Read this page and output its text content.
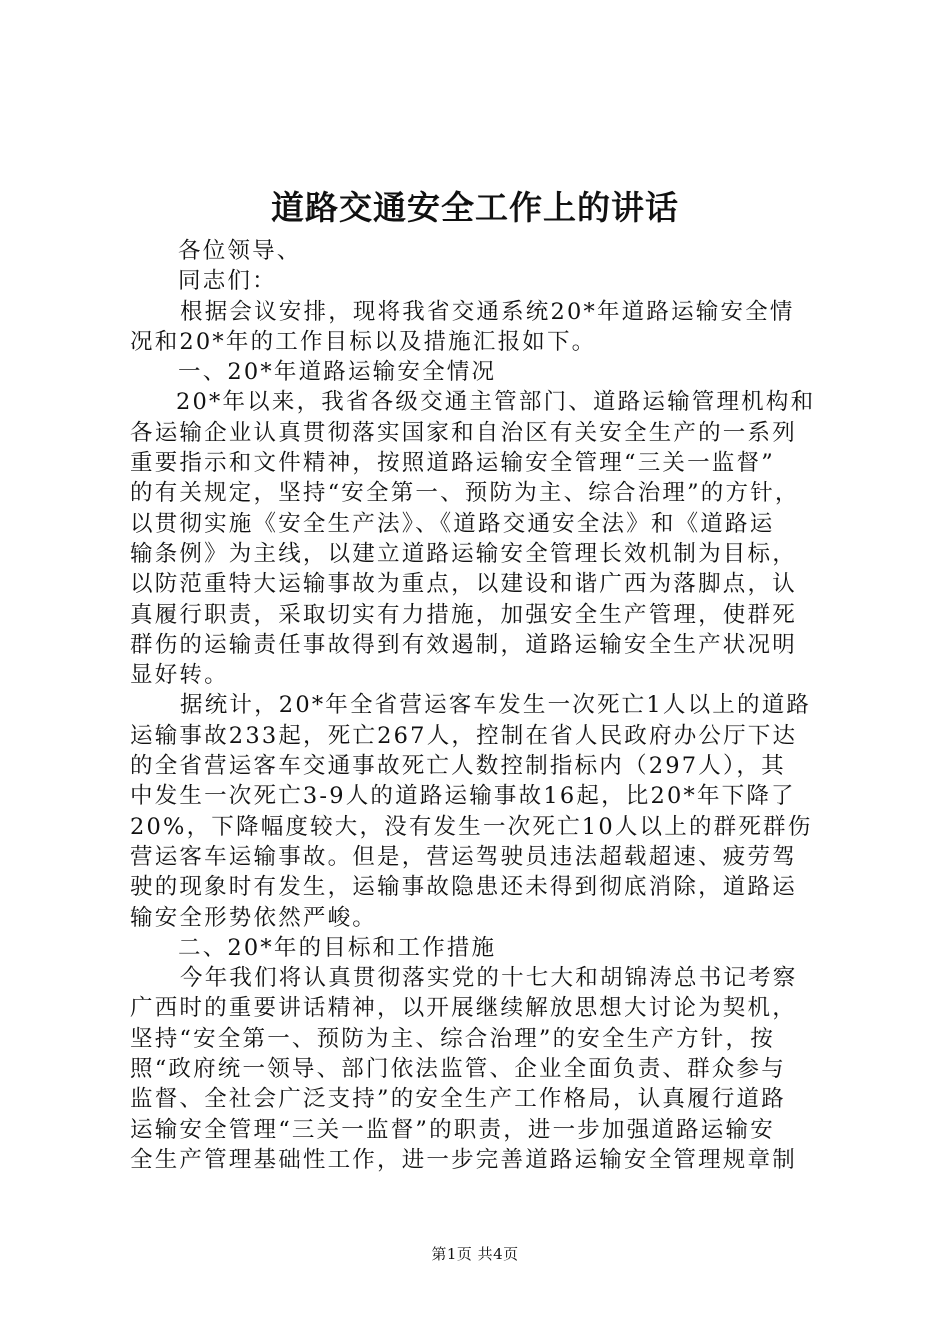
道路交通安全工作上的讲话
各位领导、
同志们：
根据会议安排，现将我省交通系统20*年道路运输安全情
况和20*年的工作目标以及措施汇报如下。
一、20*年道路运输安全情况
20*年以来，我省各级交通主管部门、道路运输管理机构和
各运输企业认真贯彻落实国家和自治区有关安全生产的一系列
重要指示和文件精神，按照道路运输安全管理“三关一监督”
的有关规定，坚持“安全第一、预防为主、综合治理”的方针，
以贯彻实施《安全生产法》、《道路交通安全法》和《道路运
输条例》为主线，以建立道路运输安全管理长效机制为目标，
以防范重特大运输事故为重点，以建设和谐广西为落脚点，认
真履行职责，采取切实有力措施，加强安全生产管理，使群死
群伤的运输责任事故得到有效遏制，道路运输安全生产状况明
显好转。
据统计，20*年全省营运客车发生一次死亡1人以上的道路
运输事故233起，死亡267人，控制在省人民政府办公厅下达
的全省营运客车交通事故死亡人数控制指标内（297人），其
中发生一次死亡3-9人的道路运输事故16起，比20*年下降了
20%，下降幅度较大，没有发生一次死亡10人以上的群死群伤
营运客车运输事故。但是，营运驾驶员违法超载超速、疲劳驾
驶的现象时有发生，运输事故隐患还未得到彻底消除，道路运
输安全形势依然严峻。
二、20*年的目标和工作措施
今年我们将认真贯彻落实党的十七大和胡锦涛总书记考察
广西时的重要讲话精神，以开展继续解放思想大讨论为契机，
坚持“安全第一、预防为主、综合治理”的安全生产方针，按
照“政府统一领导、部门依法监管、企业全面负责、群众参与
监督、全社会广泛支持”的安全生产工作格局，认真履行道路
运输安全管理“三关一监督”的职责，进一步加强道路运输安
全生产管理基础性工作，进一步完善道路运输安全管理规章制
第1页 共4页
